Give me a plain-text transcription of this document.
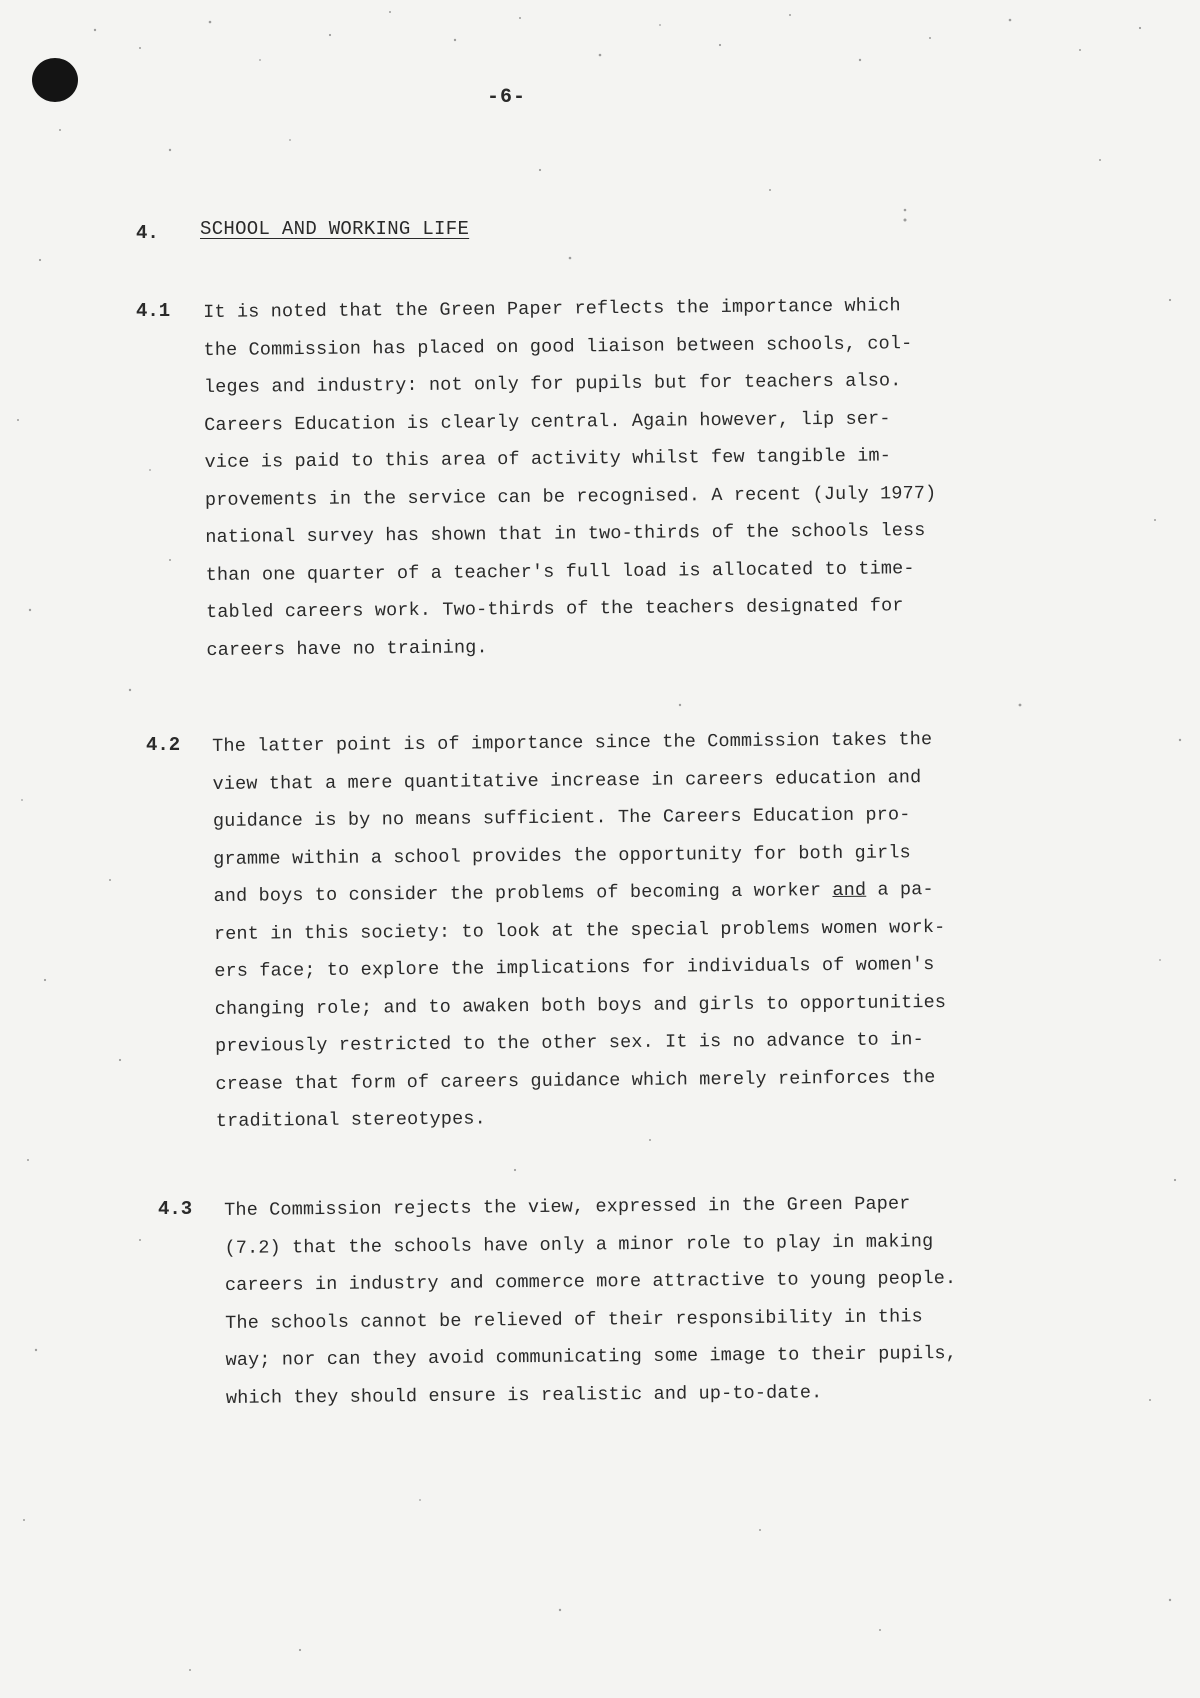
-6-
4. SCHOOL AND WORKING LIFE
4.1 It is noted that the Green Paper reflects the importance which
the Commission has placed on good liaison between schools, col-
leges and industry: not only for pupils but for teachers also.
Careers Education is clearly central. Again however, lip ser-
vice is paid to this area of activity whilst few tangible im-
provements in the service can be recognised. A recent (July 1977)
national survey has shown that in two-thirds of the schools less
than one quarter of a teacher's full load is allocated to time-
tabled careers work. Two-thirds of the teachers designated for
careers have no training.
4.2 The latter point is of importance since the Commission takes the
view that a mere quantitative increase in careers education and
guidance is by no means sufficient. The Careers Education pro-
gramme within a school provides the opportunity for both girls
and boys to consider the problems of becoming a worker and a pa-
rent in this society: to look at the special problems women work-
ers face; to explore the implications for individuals of women's
changing role; and to awaken both boys and girls to opportunities
previously restricted to the other sex. It is no advance to in-
crease that form of careers guidance which merely reinforces the
traditional stereotypes.
4.3 The Commission rejects the view, expressed in the Green Paper
(7.2) that the schools have only a minor role to play in making
careers in industry and commerce more attractive to young people.
The schools cannot be relieved of their responsibility in this
way; nor can they avoid communicating some image to their pupils,
which they should ensure is realistic and up-to-date.
